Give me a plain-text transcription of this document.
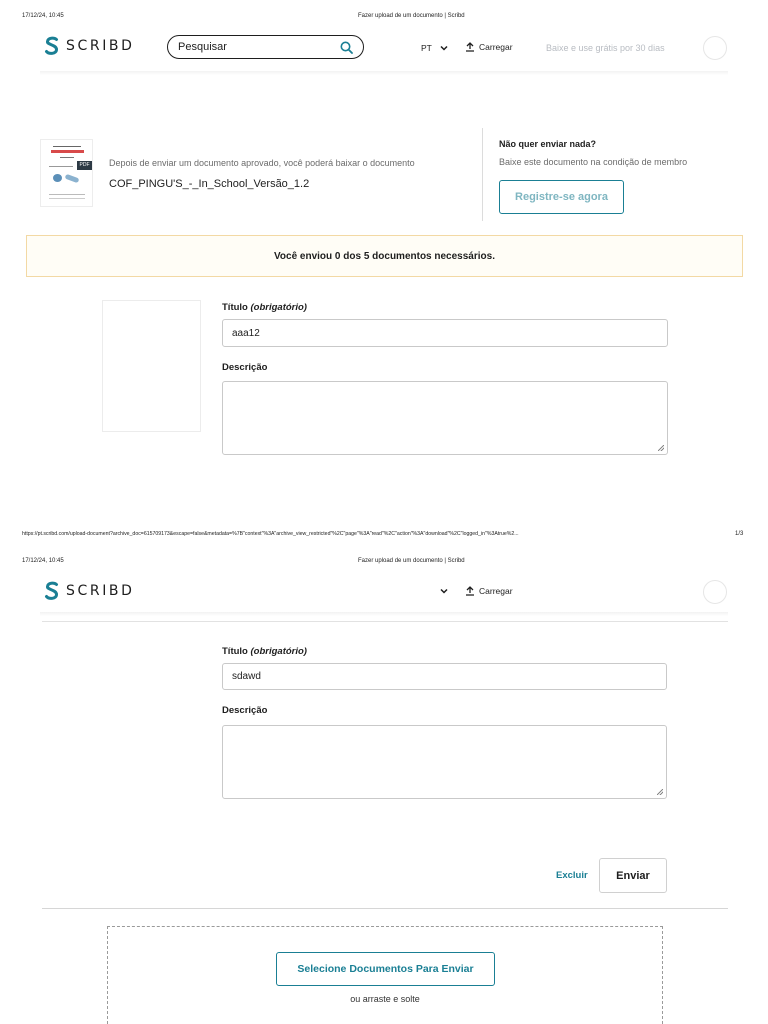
17/12/24, 10:45	Fazer upload de um documento | Scribd
SCRIBD	Pesquisar	PT	Carregar	Baixe e use grátis por 30 dias
PDF Depois de enviar um documento aprovado, você poderá baixar o documento
COF_PINGU'S_-_In_School_Versão_1.2
Não quer enviar nada?
Baixe este documento na condição de membro
Registre-se agora
Você enviou 0 dos 5 documentos necessários.
Título (obrigatório)
aaa12
Descrição
https://pt.scribd.com/upload-document?archive_doc=615709173&escape=false&metadata=%7B"context"%3A"archive_view_restricted"%2C"page"%3A"read"%2C"action"%3A"download"%2C"logged_in"%3Atrue%2...	1/3
17/12/24, 10:45	Fazer upload de um documento | Scribd
SCRIBD	Carregar
Título (obrigatório)
sdawd
Descrição
Excluir	Enviar
Selecione Documentos Para Enviar
ou arraste e solte
